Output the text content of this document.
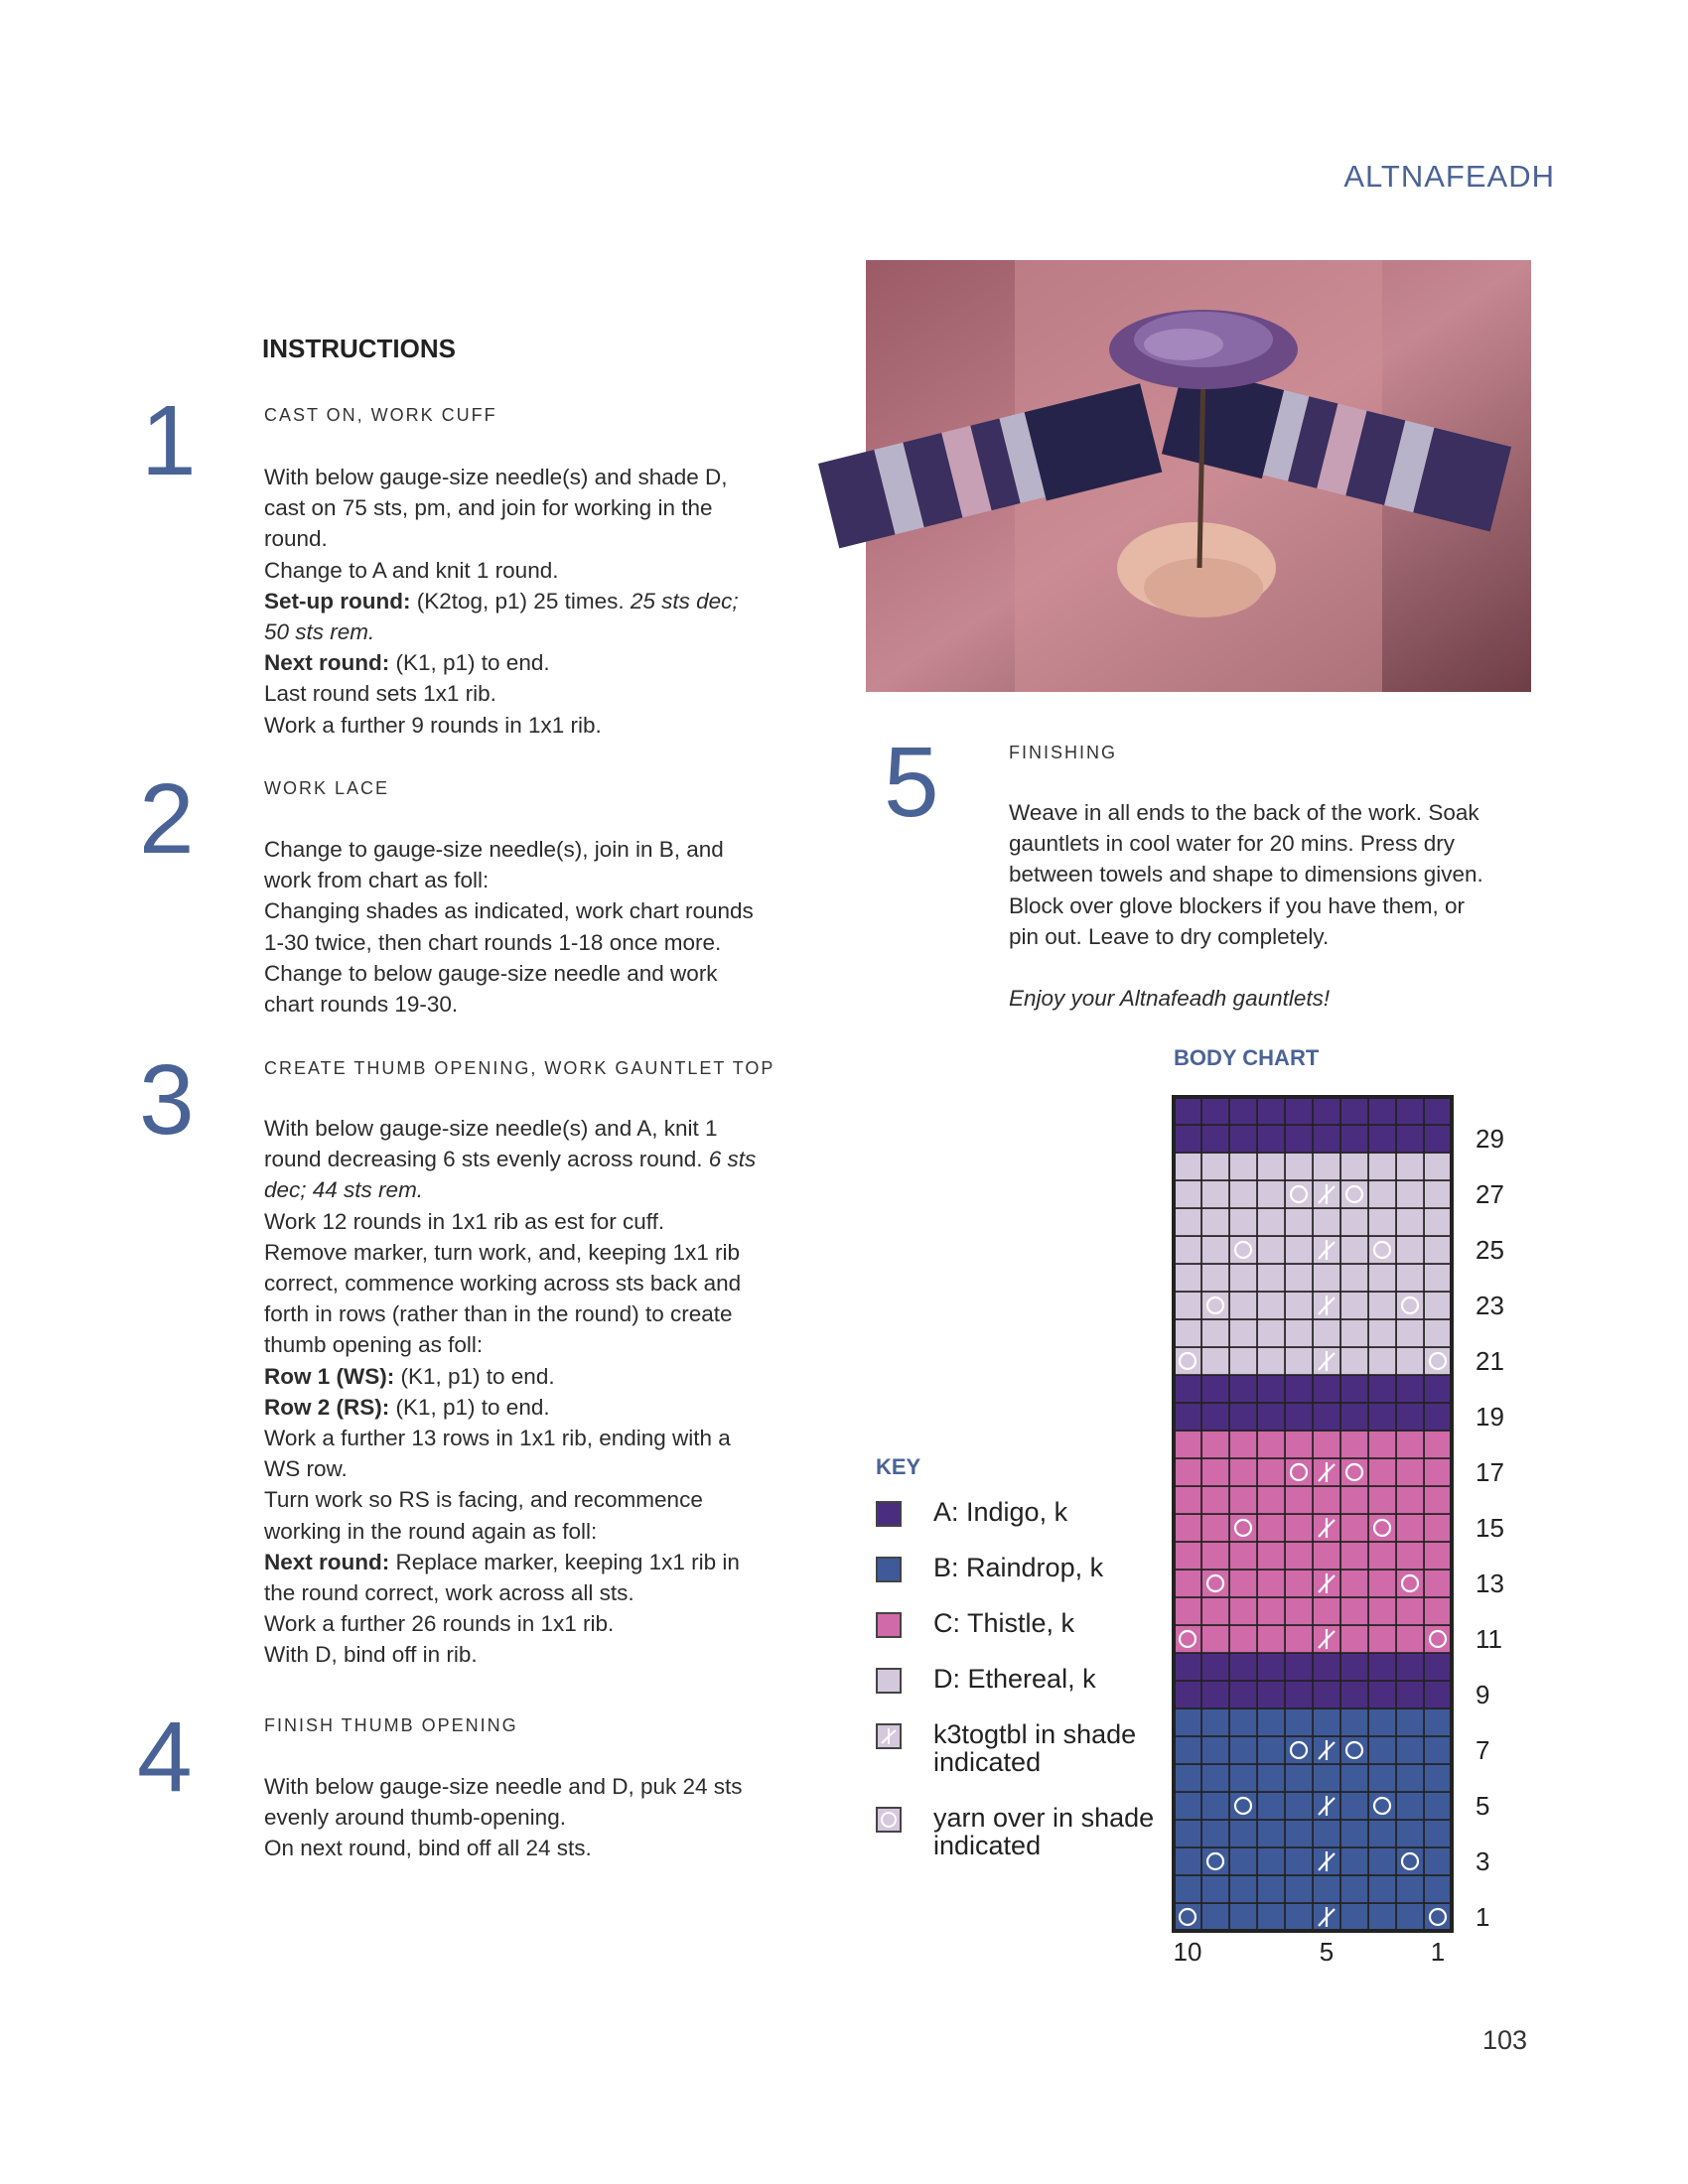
ALTNAFEADH
INSTRUCTIONS
1	CAST ON, WORK CUFF

With below gauge-size needle(s) and shade D,

cast on 75 sts, pm, and join for working in the

round.

Change to A and knit 1 round.

Set-up round: (K2tog, p1) 25 times. 25 sts dec;

50 sts rem.

Next round: (K1, p1) to end.

Last round sets 1x1 rib.

Work a further 9 rounds in 1x1 rib.

2	WORK LACE

Change to gauge-size needle(s), join in B, and

work from chart as foll:

Changing shades as indicated, work chart rounds

1-30 twice, then chart rounds 1-18 once more.

Change to below gauge-size needle and work

chart rounds 19-30.

3	CREATE THUMB OPENING, WORK GAUNTLET TOP

With below gauge-size needle(s) and A, knit 1

round decreasing 6 sts evenly across round. 6 sts

dec; 44 sts rem.

Work 12 rounds in 1x1 rib as est for cuff.

Remove marker, turn work, and, keeping 1x1 rib

correct, commence working across sts back and

forth in rows (rather than in the round) to create

thumb opening as foll:

Row 1 (WS): (K1, p1) to end.

Row 2 (RS): (K1, p1) to end.

Work a further 13 rows in 1x1 rib, ending with a

WS row.

Turn work so RS is facing, and recommence

working in the round again as foll:

Next round: Replace marker, keeping 1x1 rib in

the round correct, work across all sts.

Work a further 26 rounds in 1x1 rib.

With D, bind off in rib.

4	FINISH THUMB OPENING

With below gauge-size needle and D, puk 24 sts

evenly around thumb-opening.

On next round, bind off all 24 sts.

5	FINISHING

Weave in all ends to the back of the work. Soak

gauntlets in cool water for 20 mins. Press dry

between towels and shape to dimensions given.

Block over glove blockers if you have them, or

pin out. Leave to dry completely.

Enjoy your Altnafeadh gauntlets!

BODY CHART
29
27
25
23
21
19
17
15
13
11
9
7
5
3
1
10	5	1
KEY
A: Indigo, k
B: Raindrop, k
C: Thistle, k
D: Ethereal, k
k3togtbl in shade indicated
yarn over in shade indicated
103
